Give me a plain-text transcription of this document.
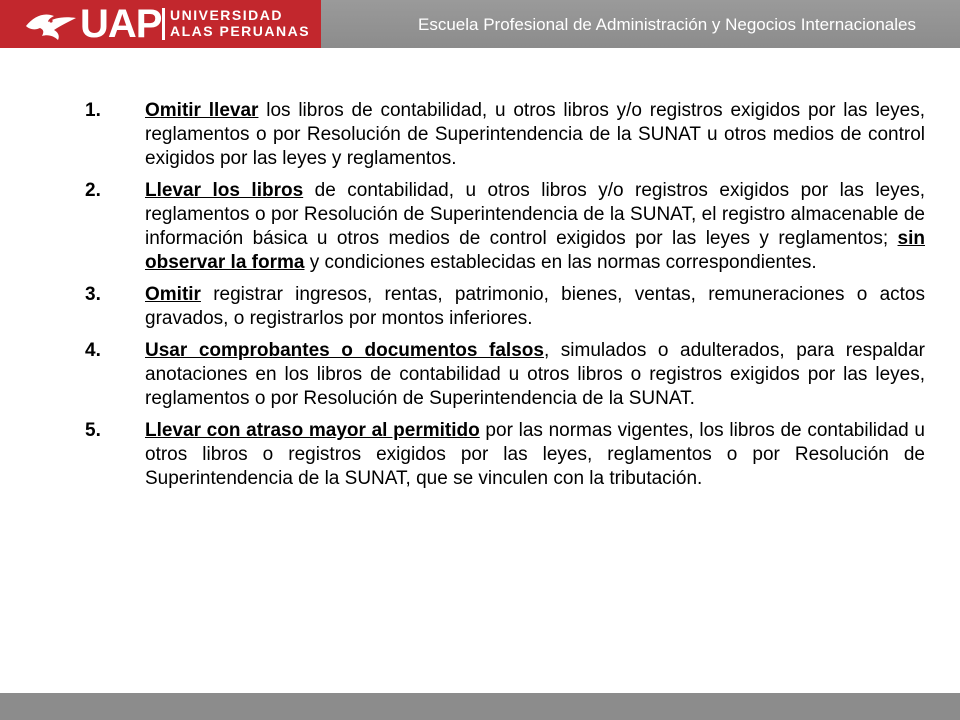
UAP UNIVERSIDAD
ALAS PERUANAS	Escuela Profesional de Administración y Negocios Internacionales
1.	Omitir llevar los libros de contabilidad, u otros libros y/o registros exigidos por las leyes, reglamentos o por Resolución de Superintendencia de la SUNAT u otros medios de control exigidos por las leyes y reglamentos.
2.	Llevar los libros de contabilidad, u otros libros y/o registros exigidos por las leyes, reglamentos o por Resolución de Superintendencia de la SUNAT, el registro almacenable de información básica u otros medios de control exigidos por las leyes y reglamentos; sin observar la forma y condiciones establecidas en las normas correspondientes.
3.	Omitir registrar ingresos, rentas, patrimonio, bienes, ventas, remuneraciones o actos gravados, o registrarlos por montos inferiores.
4.	Usar comprobantes o documentos falsos, simulados o adulterados, para respaldar anotaciones en los libros de contabilidad u otros libros o registros exigidos por las leyes, reglamentos o por Resolución de Superintendencia de la SUNAT.
5.	Llevar con atraso mayor al permitido por las normas vigentes, los libros de contabilidad u otros libros o registros exigidos por las leyes, reglamentos o por Resolución de Superintendencia de la SUNAT, que se vinculen con la tributación.
